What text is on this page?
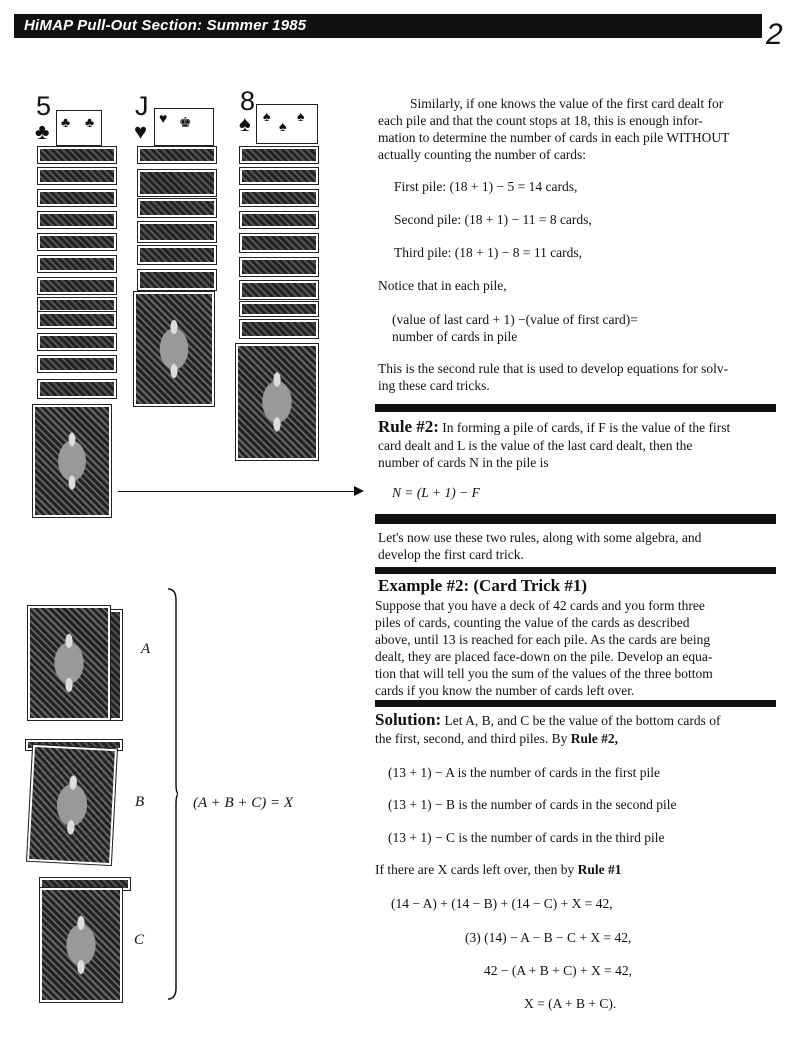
HiMAP Pull-Out Section: Summer 1985	2
5
♣ ♣ ♣
J
♥ ♥ ♚
8
♠ ♠
♠
♠
A
B
C
(A + B + C) = X
Similarly, if one knows the value of the first card dealt for
each pile and that the count stops at 18, this is enough infor-
mation to determine the number of cards in each pile WITHOUT
actually counting the number of cards:
First pile: (18 + 1) − 5 = 14 cards,
Second pile: (18 + 1) − 11 = 8 cards,
Third pile: (18 + 1) − 8 = 11 cards,
Notice that in each pile,
(value of last card + 1) −(value of first card)=
number of cards in pile
This is the second rule that is used to develop equations for solv-
ing these card tricks.
Rule #2: In forming a pile of cards, if F is the value of the first
card dealt and L is the value of the last card dealt, then the
number of cards N in the pile is
N = (L + 1) − F
Let's now use these two rules, along with some algebra, and
develop the first card trick.
Example #2: (Card Trick #1)
Suppose that you have a deck of 42 cards and you form three
piles of cards, counting the value of the cards as described
above, until 13 is reached for each pile. As the cards are being
dealt, they are placed face-down on the pile. Develop an equa-
tion that will tell you the sum of the values of the three bottom
cards if you know the number of cards left over.
Solution: Let A, B, and C be the value of the bottom cards of
the first, second, and third piles. By Rule #2,
(13 + 1) − A is the number of cards in the first pile
(13 + 1) − B is the number of cards in the second pile
(13 + 1) − C is the number of cards in the third pile
If there are X cards left over, then by Rule #1
(14 − A) + (14 − B) + (14 − C) + X = 42,
(3) (14) − A − B − C + X = 42,
42 − (A + B + C) + X = 42,
X = (A + B + C).
